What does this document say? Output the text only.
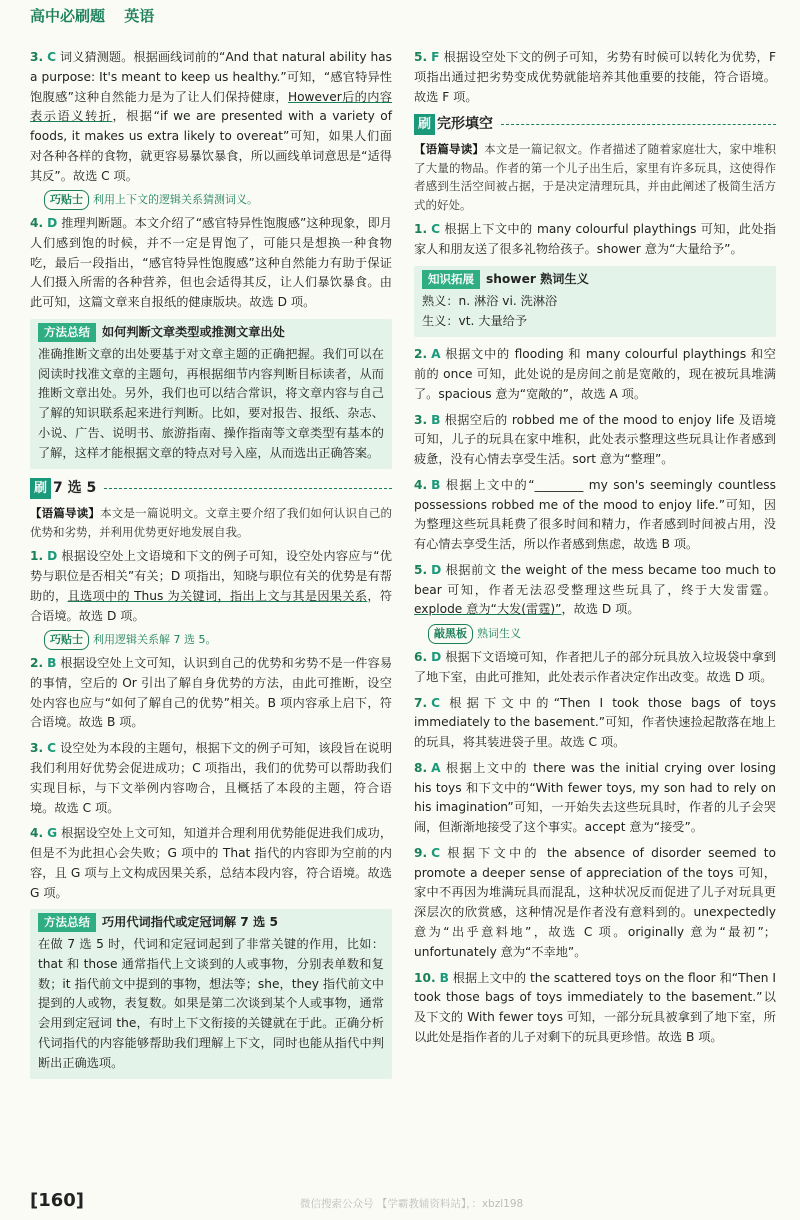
高中必刷题 英语
3. C 词义猜测题。根据画线词前的“And that natural ability has a purpose: It's meant to keep us healthy.”可知，“感官特异性饱腹感”这种自然能力是为了让人们保持健康，However后的内容表示语义转折，根据“if we are presented with a variety of foods, it makes us extra likely to overeat”可知，如果人们面对各种各样的食物，就更容易暴饮暴食，所以画线单词意思是“适得其反”。故选 C 项。
巧贴士 利用上下文的逻辑关系猜测词义。
4. D 推理判断题。本文介绍了“感官特异性饱腹感”这种现象，即月人们感到饱的时候，并不一定是胃饱了，可能只是想换一种食物吃，最后一段指出，“感官特异性饱腹感”这种自然能力有助于保证人们摄入所需的各种营养，但也会适得其反，让人们暴饮暴食。由此可知，这篇文章来自报纸的健康版块。故选 D 项。
方法总结 如何判断文章类型或推测文章出处
准确推断文章的出处要基于对文章主题的正确把握。我们可以在阅读时找准文章的主题句，再根据细节内容判断目标读者，从而推断文章出处。另外，我们也可以结合常识，将文章内容与自己了解的知识联系起来进行判断。比如，要对报告、报纸、杂志、小说、广告、说明书、旅游指南、操作指南等文章类型有基本的了解，这样才能根据文章的特点对号入座，从而选出正确答案。
刷 7 选 5
【语篇导读】本文是一篇说明文。文章主要介绍了我们如何认识自己的优势和劣势，并利用优势更好地发展自我。
1. D 根据设空处上文语境和下文的例子可知，设空处内容应与“优势与职位是否相关”有关；D 项指出，知晓与职位有关的优势是有帮助的，且选项中的 Thus 为关键词，指出上文与其是因果关系，符合语境。故选 D 项。
巧贴士 利用逻辑关系解 7 选 5。
2. B 根据设空处上文可知，认识到自己的优势和劣势不是一件容易的事情，空后的 Or 引出了解自身优势的方法，由此可推断，设空处内容也应与“如何了解自己的优势”相关。B 项内容承上启下，符合语境。故选 B 项。
3. C 设空处为本段的主题句，根据下文的例子可知，该段旨在说明我们利用好优势会促进成功；C 项指出，我们的优势可以帮助我们实现目标，与下文举例内容吻合，且概括了本段的主题，符合语境。故选 C 项。
4. G 根据设空处上文可知，知道并合理利用优势能促进我们成功，但是不为此担心会失败；G 项中的 That 指代的内容即为空前的内容，且 G 项与上文构成因果关系，总结本段内容，符合语境。故选 G 项。
方法总结 巧用代词指代或定冠词解 7 选 5
在做 7 选 5 时，代词和定冠词起到了非常关键的作用，比如：that 和 those 通常指代上文谈到的人或事物，分别表单数和复数；it 指代前文中提到的事物，想法等；she，they 指代前文中提到的人或物，表复数。如果是第二次谈到某个人或事物，通常会用到定冠词 the，有时上下文衔接的关键就在于此。正确分析代词指代的内容能够帮助我们理解上下文，同时也能从指代中判断出正确选项。
5. F 根据设空处下文的例子可知，劣势有时候可以转化为优势，F 项指出通过把劣势变成优势就能培养其他重要的技能，符合语境。故选 F 项。
刷 完形填空
【语篇导读】本文是一篇记叙文。作者描述了随着家庭壮大，家中堆积了大量的物品。作者的第一个儿子出生后，家里有许多玩具，这使得作者感到生活空间被占据，于是决定清理玩具，并由此阐述了极简生活方式的好处。
1. C 根据上下文中的 many colourful playthings 可知，此处指家人和朋友送了很多礼物给孩子。shower 意为“大量给予”。
知识拓展 shower 熟词生义
熟义：n. 淋浴 vi. 洗淋浴
生义：vt. 大量给予
2. A 根据文中的 flooding 和 many colourful playthings 和空前的 once 可知，此处说的是房间之前是宽敞的，现在被玩具堆满了。spacious 意为“宽敞的”，故选 A 项。
3. B 根据空后的 robbed me of the mood to enjoy life 及语境可知，儿子的玩具在家中堆积，此处表示整理这些玩具让作者感到疲惫，没有心情去享受生活。sort 意为“整理”。
4. B 根据上文中的“________ my son's seemingly countless possessions robbed me of the mood to enjoy life.”可知，因为整理这些玩具耗费了很多时间和精力，作者感到时间被占用，没有心情去享受生活，所以作者感到焦虑，故选 B 项。
5. D 根据前文 the weight of the mess became too much to bear 可知，作者无法忍受整理这些玩具了，终于大发雷霆。explode 意为“大发(雷霆)”，故选 D 项。
敲黑板 熟词生义
6. D 根据下文语境可知，作者把儿子的部分玩具放入垃圾袋中拿到了地下室，由此可推知，此处表示作者决定作出改变。故选 D 项。
7. C 根据下文中的“Then I took those bags of toys immediately to the basement.”可知，作者快速捡起散落在地上的玩具，将其装进袋子里。故选 C 项。
8. A 根据上文中的 there was the initial crying over losing his toys 和下文中的“With fewer toys, my son had to rely on his imagination”可知，一开始失去这些玩具时，作者的儿子会哭闹，但渐渐地接受了这个事实。accept 意为“接受”。
9. C 根据下文中的 the absence of disorder seemed to promote a deeper sense of appreciation of the toys 可知，家中不再因为堆满玩具而混乱，这种状况反而促进了儿子对玩具更深层次的欣赏感，这种情况是作者没有意料到的。unexpectedly 意为“出乎意料地”，故选 C 项。originally 意为“最初”；unfortunately 意为“不幸地”。
10. B 根据上文中的 the scattered toys on the floor 和“Then I took those bags of toys immediately to the basement.”以及下文的 With fewer toys 可知，一部分玩具被拿到了地下室，所以此处是指作者的儿子对剩下的玩具更珍惜。故选 B 项。
[160]	微信搜索公众号 【学霸教辅资料站】，：xbzl198
